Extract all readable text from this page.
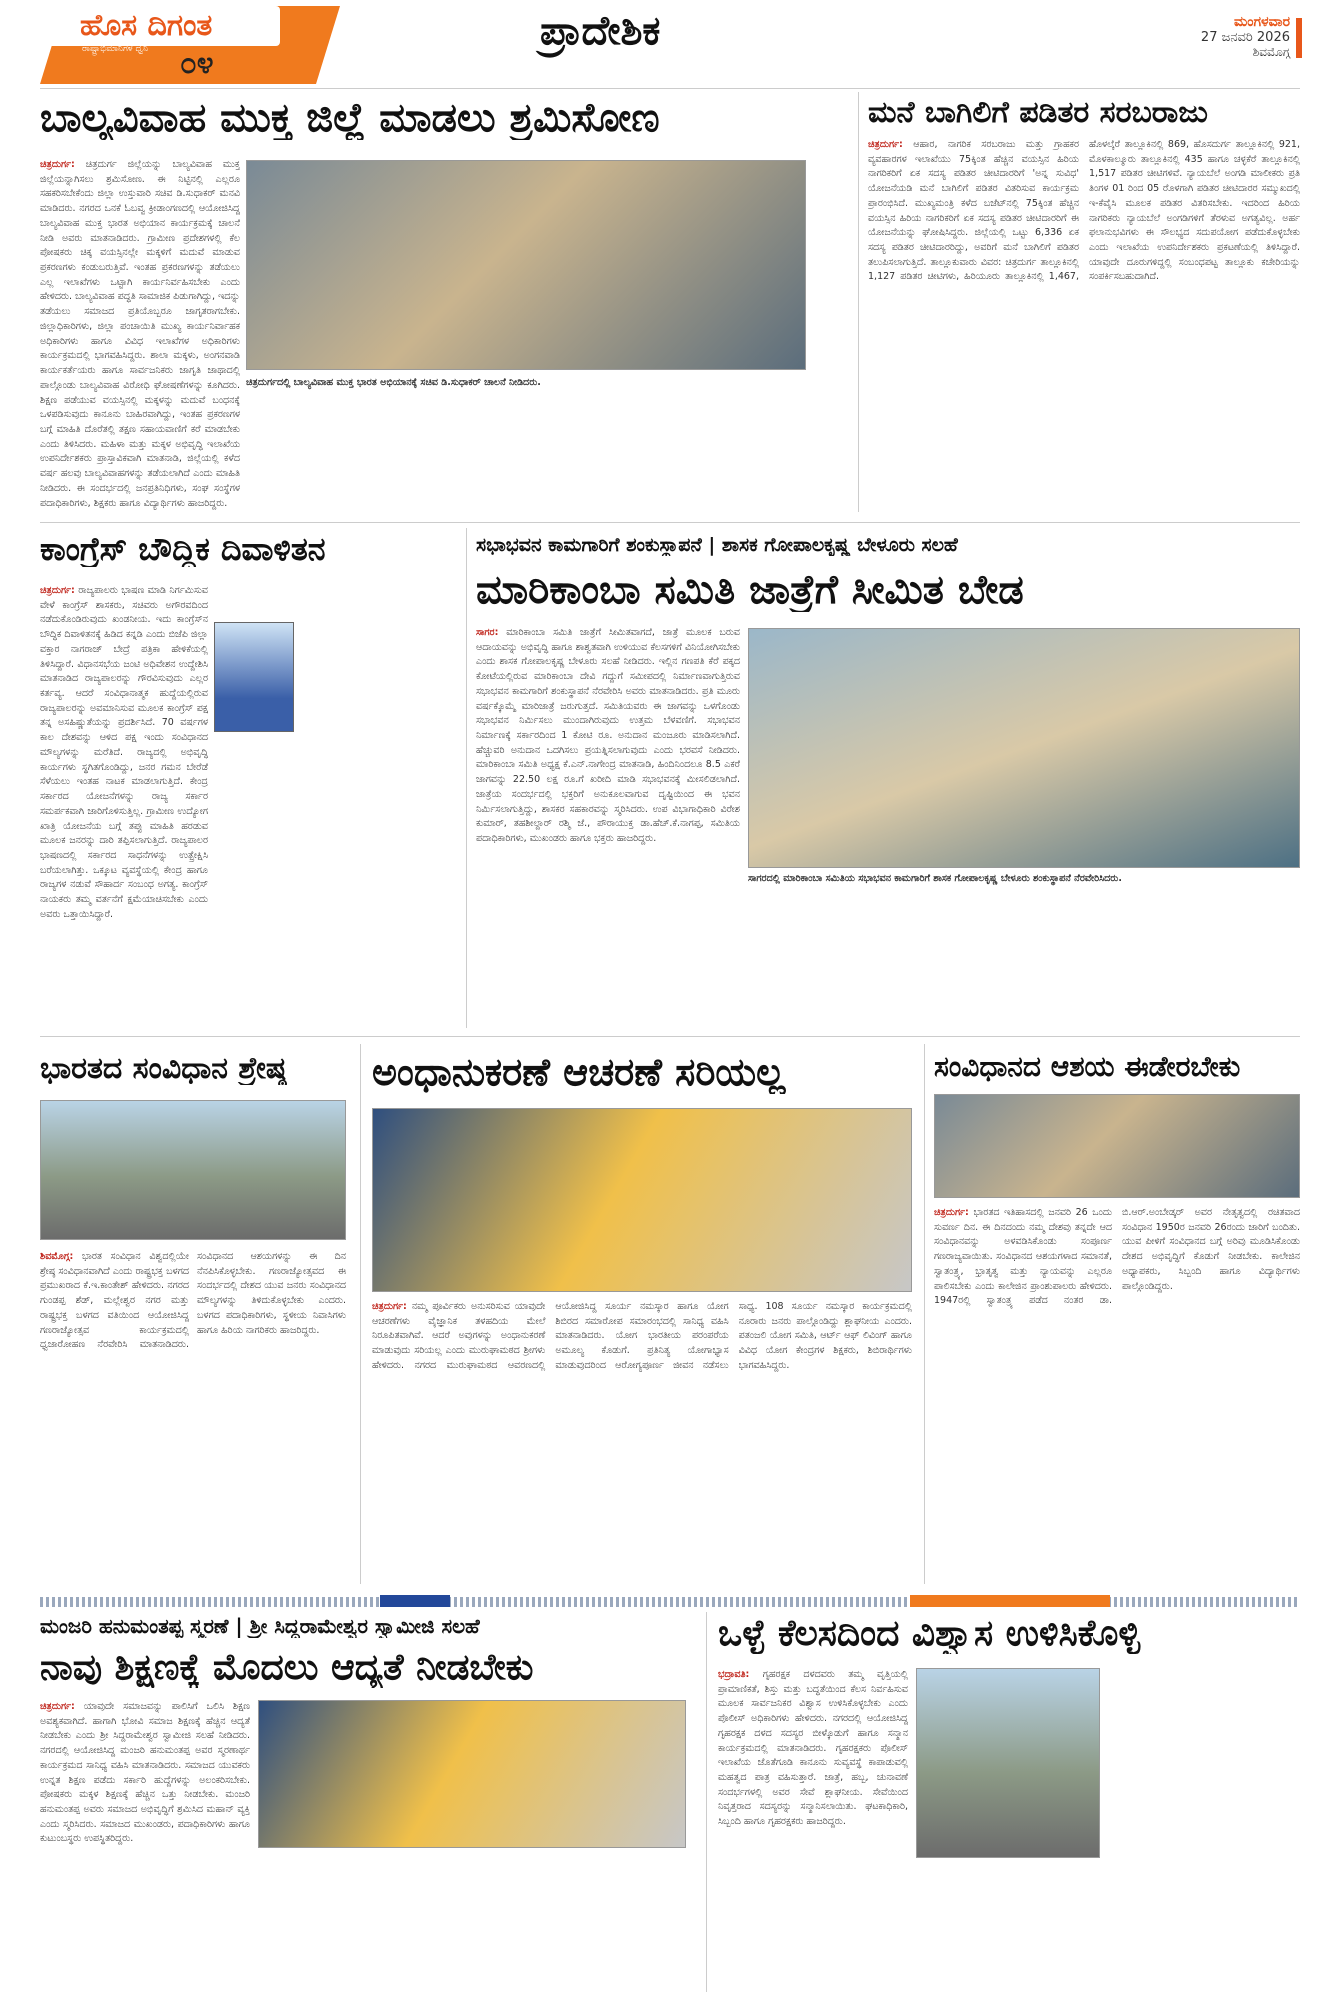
ಹೊಸ ದಿಗಂತ
ರಾಷ್ಟ್ರಾಭಿಮಾನಿಗಳ ಧ್ವನಿ ೦೪
ಪ್ರಾದೇಶಿಕ	ಮಂಗಳವಾರ
27 ಜನವರಿ 2026
ಶಿವಮೊಗ್ಗ
ಬಾಲ್ಯವಿವಾಹ ಮುಕ್ತ ಜಿಲ್ಲೆ ಮಾಡಲು ಶ್ರಮಿಸೋಣ
ಚಿತ್ರದುರ್ಗ: ಚಿತ್ರದುರ್ಗ ಜಿಲ್ಲೆಯನ್ನು ಬಾಲ್ಯವಿವಾಹ ಮುಕ್ತ ಜಿಲ್ಲೆಯನ್ನಾಗಿಸಲು ಶ್ರಮಿಸೋಣ. ಈ ನಿಟ್ಟಿನಲ್ಲಿ ಎಲ್ಲರೂ ಸಹಕರಿಸಬೇಕೆಂದು ಜಿಲ್ಲಾ ಉಸ್ತುವಾರಿ ಸಚಿವ ಡಿ.ಸುಧಾಕರ್ ಮನವಿ ಮಾಡಿದರು. ನಗರದ ಒನಕೆ ಓಬವ್ವ ಕ್ರೀಡಾಂಗಣದಲ್ಲಿ ಆಯೋಜಿಸಿದ್ದ ಬಾಲ್ಯವಿವಾಹ ಮುಕ್ತ ಭಾರತ ಅಭಿಯಾನ ಕಾರ್ಯಕ್ರಮಕ್ಕೆ ಚಾಲನೆ ನೀಡಿ ಅವರು ಮಾತನಾಡಿದರು. ಗ್ರಾಮೀಣ ಪ್ರದೇಶಗಳಲ್ಲಿ ಕೆಲ ಪೋಷಕರು ಚಿಕ್ಕ ವಯಸ್ಸಿನಲ್ಲೇ ಮಕ್ಕಳಿಗೆ ಮದುವೆ ಮಾಡುವ ಪ್ರಕರಣಗಳು ಕಂಡುಬರುತ್ತಿವೆ. ಇಂತಹ ಪ್ರಕರಣಗಳನ್ನು ತಡೆಯಲು ಎಲ್ಲ ಇಲಾಖೆಗಳು ಒಟ್ಟಾಗಿ ಕಾರ್ಯನಿರ್ವಹಿಸಬೇಕು ಎಂದು ಹೇಳಿದರು. ಬಾಲ್ಯವಿವಾಹ ಪದ್ಧತಿ ಸಾಮಾಜಿಕ ಪಿಡುಗಾಗಿದ್ದು, ಇದನ್ನು ತಡೆಯಲು ಸಮಾಜದ ಪ್ರತಿಯೊಬ್ಬರೂ ಜಾಗೃತರಾಗಬೇಕು. ಜಿಲ್ಲಾಧಿಕಾರಿಗಳು, ಜಿಲ್ಲಾ ಪಂಚಾಯಿತಿ ಮುಖ್ಯ ಕಾರ್ಯನಿರ್ವಾಹಕ ಅಧಿಕಾರಿಗಳು ಹಾಗೂ ವಿವಿಧ ಇಲಾಖೆಗಳ ಅಧಿಕಾರಿಗಳು ಕಾರ್ಯಕ್ರಮದಲ್ಲಿ ಭಾಗವಹಿಸಿದ್ದರು. ಶಾಲಾ ಮಕ್ಕಳು, ಅಂಗನವಾಡಿ ಕಾರ್ಯಕರ್ತೆಯರು ಹಾಗೂ ಸಾರ್ವಜನಿಕರು ಜಾಗೃತಿ ಜಾಥಾದಲ್ಲಿ ಪಾಲ್ಗೊಂಡು ಬಾಲ್ಯವಿವಾಹ ವಿರೋಧಿ ಘೋಷಣೆಗಳನ್ನು ಕೂಗಿದರು. ಶಿಕ್ಷಣ ಪಡೆಯುವ ವಯಸ್ಸಿನಲ್ಲಿ ಮಕ್ಕಳನ್ನು ಮದುವೆ ಬಂಧನಕ್ಕೆ ಒಳಪಡಿಸುವುದು ಕಾನೂನು ಬಾಹಿರವಾಗಿದ್ದು, ಇಂತಹ ಪ್ರಕರಣಗಳ ಬಗ್ಗೆ ಮಾಹಿತಿ ದೊರೆತಲ್ಲಿ ತಕ್ಷಣ ಸಹಾಯವಾಣಿಗೆ ಕರೆ ಮಾಡಬೇಕು ಎಂದು ತಿಳಿಸಿದರು. ಮಹಿಳಾ ಮತ್ತು ಮಕ್ಕಳ ಅಭಿವೃದ್ಧಿ ಇಲಾಖೆಯ ಉಪನಿರ್ದೇಶಕರು ಪ್ರಾಸ್ತಾವಿಕವಾಗಿ ಮಾತನಾಡಿ, ಜಿಲ್ಲೆಯಲ್ಲಿ ಕಳೆದ ವರ್ಷ ಹಲವು ಬಾಲ್ಯವಿವಾಹಗಳನ್ನು ತಡೆಯಲಾಗಿದೆ ಎಂದು ಮಾಹಿತಿ ನೀಡಿದರು. ಈ ಸಂದರ್ಭದಲ್ಲಿ ಜನಪ್ರತಿನಿಧಿಗಳು, ಸಂಘ ಸಂಸ್ಥೆಗಳ ಪದಾಧಿಕಾರಿಗಳು, ಶಿಕ್ಷಕರು ಹಾಗೂ ವಿದ್ಯಾರ್ಥಿಗಳು ಹಾಜರಿದ್ದರು.
ಚಿತ್ರದುರ್ಗದಲ್ಲಿ ಬಾಲ್ಯವಿವಾಹ ಮುಕ್ತ ಭಾರತ ಅಭಿಯಾನಕ್ಕೆ ಸಚಿವ ಡಿ.ಸುಧಾಕರ್ ಚಾಲನೆ ನೀಡಿದರು.
ಮನೆ ಬಾಗಿಲಿಗೆ ಪಡಿತರ ಸರಬರಾಜು
ಚಿತ್ರದುರ್ಗ: ಆಹಾರ, ನಾಗರಿಕ ಸರಬರಾಜು ಮತ್ತು ಗ್ರಾಹಕರ ವ್ಯವಹಾರಗಳ ಇಲಾಖೆಯು 75ಕ್ಕಿಂತ ಹೆಚ್ಚಿನ ವಯಸ್ಸಿನ ಹಿರಿಯ ನಾಗರಿಕರಿಗೆ ಏಕ ಸದಸ್ಯ ಪಡಿತರ ಚೀಟಿದಾರರಿಗೆ 'ಅನ್ನ ಸುವಿಧ' ಯೋಜನೆಯಡಿ ಮನೆ ಬಾಗಿಲಿಗೆ ಪಡಿತರ ವಿತರಿಸುವ ಕಾರ್ಯಕ್ರಮ ಪ್ರಾರಂಭಿಸಿದೆ. ಮುಖ್ಯಮಂತ್ರಿ ಕಳೆದ ಬಜೆಟ್‌ನಲ್ಲಿ 75ಕ್ಕಿಂತ ಹೆಚ್ಚಿನ ವಯಸ್ಸಿನ ಹಿರಿಯ ನಾಗರಿಕರಿಗೆ ಏಕ ಸದಸ್ಯ ಪಡಿತರ ಚೀಟಿದಾರರಿಗೆ ಈ ಯೋಜನೆಯನ್ನು ಘೋಷಿಸಿದ್ದರು. ಜಿಲ್ಲೆಯಲ್ಲಿ ಒಟ್ಟು 6,336 ಏಕ ಸದಸ್ಯ ಪಡಿತರ ಚೀಟಿದಾರರಿದ್ದು, ಅವರಿಗೆ ಮನೆ ಬಾಗಿಲಿಗೆ ಪಡಿತರ ತಲುಪಿಸಲಾಗುತ್ತಿದೆ. ತಾಲ್ಲೂಕುವಾರು ವಿವರ: ಚಿತ್ರದುರ್ಗ ತಾಲ್ಲೂಕಿನಲ್ಲಿ 1,127 ಪಡಿತರ ಚೀಟಿಗಳು, ಹಿರಿಯೂರು ತಾಲ್ಲೂಕಿನಲ್ಲಿ 1,467, ಹೊಳಲ್ಕೆರೆ ತಾಲ್ಲೂಕಿನಲ್ಲಿ 869, ಹೊಸದುರ್ಗ ತಾಲ್ಲೂಕಿನಲ್ಲಿ 921, ಮೊಳಕಾಲ್ಮೂರು ತಾಲ್ಲೂಕಿನಲ್ಲಿ 435 ಹಾಗೂ ಚಳ್ಳಕೆರೆ ತಾಲ್ಲೂಕಿನಲ್ಲಿ 1,517 ಪಡಿತರ ಚೀಟಿಗಳಿವೆ. ನ್ಯಾಯಬೆಲೆ ಅಂಗಡಿ ಮಾಲೀಕರು ಪ್ರತಿ ತಿಂಗಳ 01 ರಿಂದ 05 ರೊಳಗಾಗಿ ಪಡಿತರ ಚೀಟಿದಾರರ ಸಮ್ಮುಖದಲ್ಲಿ ಇ-ಕೆವೈಸಿ ಮೂಲಕ ಪಡಿತರ ವಿತರಿಸಬೇಕು. ಇದರಿಂದ ಹಿರಿಯ ನಾಗರಿಕರು ನ್ಯಾಯಬೆಲೆ ಅಂಗಡಿಗಳಿಗೆ ತೆರಳುವ ಅಗತ್ಯವಿಲ್ಲ. ಅರ್ಹ ಫಲಾನುಭವಿಗಳು ಈ ಸೌಲಭ್ಯದ ಸದುಪಯೋಗ ಪಡೆದುಕೊಳ್ಳಬೇಕು ಎಂದು ಇಲಾಖೆಯ ಉಪನಿರ್ದೇಶಕರು ಪ್ರಕಟಣೆಯಲ್ಲಿ ತಿಳಿಸಿದ್ದಾರೆ. ಯಾವುದೇ ದೂರುಗಳಿದ್ದಲ್ಲಿ ಸಂಬಂಧಪಟ್ಟ ತಾಲ್ಲೂಕು ಕಚೇರಿಯನ್ನು ಸಂಪರ್ಕಿಸಬಹುದಾಗಿದೆ.
ಕಾಂಗ್ರೆಸ್ ಬೌದ್ಧಿಕ ದಿವಾಳಿತನ
ಚಿತ್ರದುರ್ಗ: ರಾಜ್ಯಪಾಲರು ಭಾಷಣ ಮಾಡಿ ನಿರ್ಗಮಿಸುವ ವೇಳೆ ಕಾಂಗ್ರೆಸ್ ಶಾಸಕರು, ಸಚಿವರು ಅಗೌರವದಿಂದ ನಡೆದುಕೊಂಡಿರುವುದು ಖಂಡನೀಯ. ಇದು ಕಾಂಗ್ರೆಸ್‌ನ ಬೌದ್ಧಿಕ ದಿವಾಳಿತನಕ್ಕೆ ಹಿಡಿದ ಕನ್ನಡಿ ಎಂದು ಬಿಜೆಪಿ ಜಿಲ್ಲಾ ವಕ್ತಾರ ನಾಗರಾಜ್ ಬೇದ್ರೆ ಪತ್ರಿಕಾ ಹೇಳಿಕೆಯಲ್ಲಿ ತಿಳಿಸಿದ್ದಾರೆ. ವಿಧಾನಸಭೆಯ ಜಂಟಿ ಅಧಿವೇಶನ ಉದ್ದೇಶಿಸಿ ಮಾತನಾಡಿದ ರಾಜ್ಯಪಾಲರನ್ನು ಗೌರವಿಸುವುದು ಎಲ್ಲರ ಕರ್ತವ್ಯ. ಆದರೆ ಸಂವಿಧಾನಾತ್ಮಕ ಹುದ್ದೆಯಲ್ಲಿರುವ ರಾಜ್ಯಪಾಲರನ್ನು ಅವಮಾನಿಸುವ ಮೂಲಕ ಕಾಂಗ್ರೆಸ್ ಪಕ್ಷ ತನ್ನ ಅಸಹಿಷ್ಣುತೆಯನ್ನು ಪ್ರದರ್ಶಿಸಿದೆ. 70 ವರ್ಷಗಳ ಕಾಲ ದೇಶವನ್ನು ಆಳಿದ ಪಕ್ಷ ಇಂದು ಸಂವಿಧಾನದ ಮೌಲ್ಯಗಳನ್ನು ಮರೆತಿದೆ. ರಾಜ್ಯದಲ್ಲಿ ಅಭಿವೃದ್ಧಿ ಕಾರ್ಯಗಳು ಸ್ಥಗಿತಗೊಂಡಿದ್ದು, ಜನರ ಗಮನ ಬೇರೆಡೆ ಸೆಳೆಯಲು ಇಂತಹ ನಾಟಕ ಮಾಡಲಾಗುತ್ತಿದೆ. ಕೇಂದ್ರ ಸರ್ಕಾರದ ಯೋಜನೆಗಳನ್ನು ರಾಜ್ಯ ಸರ್ಕಾರ ಸಮರ್ಪಕವಾಗಿ ಜಾರಿಗೊಳಿಸುತ್ತಿಲ್ಲ. ಗ್ರಾಮೀಣ ಉದ್ಯೋಗ ಖಾತ್ರಿ ಯೋಜನೆಯ ಬಗ್ಗೆ ತಪ್ಪು ಮಾಹಿತಿ ಹರಡುವ ಮೂಲಕ ಜನರನ್ನು ದಾರಿ ತಪ್ಪಿಸಲಾಗುತ್ತಿದೆ. ರಾಜ್ಯಪಾಲರ ಭಾಷಣದಲ್ಲಿ ಸರ್ಕಾರದ ಸಾಧನೆಗಳನ್ನು ಉತ್ಪ್ರೇಕ್ಷಿಸಿ ಬರೆಯಲಾಗಿತ್ತು. ಒಕ್ಕೂಟ ವ್ಯವಸ್ಥೆಯಲ್ಲಿ ಕೇಂದ್ರ ಹಾಗೂ ರಾಜ್ಯಗಳ ನಡುವೆ ಸೌಹಾರ್ದ ಸಂಬಂಧ ಅಗತ್ಯ. ಕಾಂಗ್ರೆಸ್ ನಾಯಕರು ತಮ್ಮ ವರ್ತನೆಗೆ ಕ್ಷಮೆಯಾಚಿಸಬೇಕು ಎಂದು ಅವರು ಒತ್ತಾಯಿಸಿದ್ದಾರೆ.
ಸಭಾಭವನ ಕಾಮಗಾರಿಗೆ ಶಂಕುಸ್ಥಾಪನೆ | ಶಾಸಕ ಗೋಪಾಲಕೃಷ್ಣ ಬೇಳೂರು ಸಲಹೆ
ಮಾರಿಕಾಂಬಾ ಸಮಿತಿ ಜಾತ್ರೆಗೆ ಸೀಮಿತ ಬೇಡ
ಸಾಗರ: ಮಾರಿಕಾಂಬಾ ಸಮಿತಿ ಜಾತ್ರೆಗೆ ಸೀಮಿತವಾಗದೆ, ಜಾತ್ರೆ ಮೂಲಕ ಬರುವ ಆದಾಯವನ್ನು ಅಭಿವೃದ್ಧಿ ಹಾಗೂ ಶಾಶ್ವತವಾಗಿ ಉಳಿಯುವ ಕೆಲಸಗಳಿಗೆ ವಿನಿಯೋಗಿಸಬೇಕು ಎಂದು ಶಾಸಕ ಗೋಪಾಲಕೃಷ್ಣ ಬೇಳೂರು ಸಲಹೆ ನೀಡಿದರು. ಇಲ್ಲಿನ ಗಣಪತಿ ಕೆರೆ ಪಕ್ಕದ ಕೋಟೆಯಲ್ಲಿರುವ ಮಾರಿಕಾಂಬಾ ದೇವಿ ಗದ್ದುಗೆ ಸಮೀಪದಲ್ಲಿ ನಿರ್ಮಾಣವಾಗುತ್ತಿರುವ ಸಭಾಭವನ ಕಾಮಗಾರಿಗೆ ಶಂಕುಸ್ಥಾಪನೆ ನೆರವೇರಿಸಿ ಅವರು ಮಾತನಾಡಿದರು. ಪ್ರತಿ ಮೂರು ವರ್ಷಕ್ಕೊಮ್ಮೆ ಮಾರಿಜಾತ್ರೆ ಜರುಗುತ್ತದೆ. ಸಮಿತಿಯವರು ಈ ಜಾಗವನ್ನು ಒಳಗೊಂಡು ಸಭಾಭವನ ನಿರ್ಮಿಸಲು ಮುಂದಾಗಿರುವುದು ಉತ್ತಮ ಬೆಳವಣಿಗೆ. ಸಭಾಭವನ ನಿರ್ಮಾಣಕ್ಕೆ ಸರ್ಕಾರದಿಂದ 1 ಕೋಟಿ ರೂ. ಅನುದಾನ ಮಂಜೂರು ಮಾಡಿಸಲಾಗಿದೆ. ಹೆಚ್ಚುವರಿ ಅನುದಾನ ಒದಗಿಸಲು ಪ್ರಯತ್ನಿಸಲಾಗುವುದು ಎಂದು ಭರವಸೆ ನೀಡಿದರು. ಮಾರಿಕಾಂಬಾ ಸಮಿತಿ ಅಧ್ಯಕ್ಷ ಕೆ.ಎನ್.ನಾಗೇಂದ್ರ ಮಾತನಾಡಿ, ಹಿಂದಿನಿಂದಲೂ 8.5 ಎಕರೆ ಜಾಗವನ್ನು 22.50 ಲಕ್ಷ ರೂ.ಗೆ ಖರೀದಿ ಮಾಡಿ ಸಭಾಭವನಕ್ಕೆ ಮೀಸಲಿಡಲಾಗಿದೆ. ಜಾತ್ರೆಯ ಸಂದರ್ಭದಲ್ಲಿ ಭಕ್ತರಿಗೆ ಅನುಕೂಲವಾಗುವ ದೃಷ್ಟಿಯಿಂದ ಈ ಭವನ ನಿರ್ಮಿಸಲಾಗುತ್ತಿದ್ದು, ಶಾಸಕರ ಸಹಕಾರವನ್ನು ಸ್ಮರಿಸಿದರು. ಉಪ ವಿಭಾಗಾಧಿಕಾರಿ ವಿರೇಶ ಕುಮಾರ್, ತಹಶೀಲ್ದಾರ್ ರಶ್ಮಿ ಜೆ., ಪೌರಾಯುಕ್ತ ಡಾ.ಹೆಚ್.ಕೆ.ನಾಗಪ್ಪ, ಸಮಿತಿಯ ಪದಾಧಿಕಾರಿಗಳು, ಮುಖಂಡರು ಹಾಗೂ ಭಕ್ತರು ಹಾಜರಿದ್ದರು.
ಸಾಗರದಲ್ಲಿ ಮಾರಿಕಾಂಬಾ ಸಮಿತಿಯ ಸಭಾಭವನ ಕಾಮಗಾರಿಗೆ ಶಾಸಕ ಗೋಪಾಲಕೃಷ್ಣ ಬೇಳೂರು ಶಂಕುಸ್ಥಾಪನೆ ನೆರವೇರಿಸಿದರು.
ಭಾರತದ ಸಂವಿಧಾನ ಶ್ರೇಷ್ಠ
ಶಿವಮೊಗ್ಗ: ಭಾರತ ಸಂವಿಧಾನ ವಿಶ್ವದಲ್ಲಿಯೇ ಶ್ರೇಷ್ಠ ಸಂವಿಧಾನವಾಗಿದೆ ಎಂದು ರಾಷ್ಟ್ರಭಕ್ತ ಬಳಗದ ಪ್ರಮುಖರಾದ ಕೆ.ಇ.ಕಾಂತೇಶ್ ಹೇಳಿದರು. ನಗರದ ಗುಂಡಪ್ಪ ಶೆಡ್, ಮಲ್ಲೇಶ್ವರ ನಗರ ಮತ್ತು ರಾಷ್ಟ್ರಭಕ್ತ ಬಳಗದ ವತಿಯಿಂದ ಆಯೋಜಿಸಿದ್ದ ಗಣರಾಜ್ಯೋತ್ಸವ ಕಾರ್ಯಕ್ರಮದಲ್ಲಿ ಧ್ವಜಾರೋಹಣ ನೆರವೇರಿಸಿ ಮಾತನಾಡಿದರು. ಸಂವಿಧಾನದ ಆಶಯಗಳನ್ನು ಈ ದಿನ ನೆನಪಿಸಿಕೊಳ್ಳಬೇಕು. ಗಣರಾಜ್ಯೋತ್ಸವದ ಈ ಸಂದರ್ಭದಲ್ಲಿ ದೇಶದ ಯುವ ಜನರು ಸಂವಿಧಾನದ ಮೌಲ್ಯಗಳನ್ನು ತಿಳಿದುಕೊಳ್ಳಬೇಕು ಎಂದರು. ಬಳಗದ ಪದಾಧಿಕಾರಿಗಳು, ಸ್ಥಳೀಯ ನಿವಾಸಿಗಳು ಹಾಗೂ ಹಿರಿಯ ನಾಗರಿಕರು ಹಾಜರಿದ್ದರು.
ಅಂಧಾನುಕರಣೆ ಆಚರಣೆ ಸರಿಯಲ್ಲ
ಚಿತ್ರದುರ್ಗ: ನಮ್ಮ ಪೂರ್ವಿಕರು ಅನುಸರಿಸುವ ಯಾವುದೇ ಆಚರಣೆಗಳು ವೈಜ್ಞಾನಿಕ ತಳಹದಿಯ ಮೇಲೆ ನಿರೂಪಿತವಾಗಿವೆ. ಆದರೆ ಅವುಗಳನ್ನು ಅಂಧಾನುಕರಣೆ ಮಾಡುವುದು ಸರಿಯಲ್ಲ ಎಂದು ಮುರುಘಾಮಠದ ಶ್ರೀಗಳು ಹೇಳಿದರು. ನಗರದ ಮುರುಘಾಮಠದ ಆವರಣದಲ್ಲಿ ಆಯೋಜಿಸಿದ್ದ ಸೂರ್ಯ ನಮಸ್ಕಾರ ಹಾಗೂ ಯೋಗ ಶಿಬಿರದ ಸಮಾರೋಪ ಸಮಾರಂಭದಲ್ಲಿ ಸಾನಿಧ್ಯ ವಹಿಸಿ ಮಾತನಾಡಿದರು. ಯೋಗ ಭಾರತೀಯ ಪರಂಪರೆಯ ಅಮೂಲ್ಯ ಕೊಡುಗೆ. ಪ್ರತಿನಿತ್ಯ ಯೋಗಾಭ್ಯಾಸ ಮಾಡುವುದರಿಂದ ಆರೋಗ್ಯಪೂರ್ಣ ಜೀವನ ನಡೆಸಲು ಸಾಧ್ಯ. 108 ಸೂರ್ಯ ನಮಸ್ಕಾರ ಕಾರ್ಯಕ್ರಮದಲ್ಲಿ ನೂರಾರು ಜನರು ಪಾಲ್ಗೊಂಡಿದ್ದು ಶ್ಲಾಘನೀಯ ಎಂದರು. ಪತಂಜಲಿ ಯೋಗ ಸಮಿತಿ, ಆರ್ಟ್ ಆಫ್ ಲಿವಿಂಗ್ ಹಾಗೂ ವಿವಿಧ ಯೋಗ ಕೇಂದ್ರಗಳ ಶಿಕ್ಷಕರು, ಶಿಬಿರಾರ್ಥಿಗಳು ಭಾಗವಹಿಸಿದ್ದರು.
ಸಂವಿಧಾನದ ಆಶಯ ಈಡೇರಬೇಕು
ಚಿತ್ರದುರ್ಗ: ಭಾರತದ ಇತಿಹಾಸದಲ್ಲಿ ಜನವರಿ 26 ಒಂದು ಸುವರ್ಣ ದಿನ. ಈ ದಿನದಂದು ನಮ್ಮ ದೇಶವು ತನ್ನದೇ ಆದ ಸಂವಿಧಾನವನ್ನು ಅಳವಡಿಸಿಕೊಂಡು ಸಂಪೂರ್ಣ ಗಣರಾಜ್ಯವಾಯಿತು. ಸಂವಿಧಾನದ ಆಶಯಗಳಾದ ಸಮಾನತೆ, ಸ್ವಾತಂತ್ರ್ಯ, ಭ್ರಾತೃತ್ವ ಮತ್ತು ನ್ಯಾಯವನ್ನು ಎಲ್ಲರೂ ಪಾಲಿಸಬೇಕು ಎಂದು ಕಾಲೇಜಿನ ಪ್ರಾಂಶುಪಾಲರು ಹೇಳಿದರು. 1947ರಲ್ಲಿ ಸ್ವಾತಂತ್ರ್ಯ ಪಡೆದ ನಂತರ ಡಾ. ಬಿ.ಆರ್.ಅಂಬೇಡ್ಕರ್ ಅವರ ನೇತೃತ್ವದಲ್ಲಿ ರಚಿತವಾದ ಸಂವಿಧಾನ 1950ರ ಜನವರಿ 26ರಂದು ಜಾರಿಗೆ ಬಂದಿತು. ಯುವ ಪೀಳಿಗೆ ಸಂವಿಧಾನದ ಬಗ್ಗೆ ಅರಿವು ಮೂಡಿಸಿಕೊಂಡು ದೇಶದ ಅಭಿವೃದ್ಧಿಗೆ ಕೊಡುಗೆ ನೀಡಬೇಕು. ಕಾಲೇಜಿನ ಅಧ್ಯಾಪಕರು, ಸಿಬ್ಬಂದಿ ಹಾಗೂ ವಿದ್ಯಾರ್ಥಿಗಳು ಪಾಲ್ಗೊಂಡಿದ್ದರು.
ಮಂಜರಿ ಹನುಮಂತಪ್ಪ ಸ್ಮರಣೆ | ಶ್ರೀ ಸಿದ್ದರಾಮೇಶ್ವರ ಸ್ವಾಮೀಜಿ ಸಲಹೆ
ನಾವು ಶಿಕ್ಷಣಕ್ಕೆ ಮೊದಲು ಆದ್ಯತೆ ನೀಡಬೇಕು
ಚಿತ್ರದುರ್ಗ: ಯಾವುದೇ ಸಮಾಜವನ್ನು ಪಾಲಿಸಿಗೆ ಒಲಿಸಿ ಶಿಕ್ಷಣ ಅವಶ್ಯಕವಾಗಿದೆ. ಹಾಗಾಗಿ ಭೋವಿ ಸಮಾಜ ಶಿಕ್ಷಣಕ್ಕೆ ಹೆಚ್ಚಿನ ಆದ್ಯತೆ ನೀಡಬೇಕು ಎಂದು ಶ್ರೀ ಸಿದ್ದರಾಮೇಶ್ವರ ಸ್ವಾಮೀಜಿ ಸಲಹೆ ನೀಡಿದರು. ನಗರದಲ್ಲಿ ಆಯೋಜಿಸಿದ್ದ ಮಂಜರಿ ಹನುಮಂತಪ್ಪ ಅವರ ಸ್ಮರಣಾರ್ಥ ಕಾರ್ಯಕ್ರಮದ ಸಾನಿಧ್ಯ ವಹಿಸಿ ಮಾತನಾಡಿದರು. ಸಮಾಜದ ಯುವಕರು ಉನ್ನತ ಶಿಕ್ಷಣ ಪಡೆದು ಸರ್ಕಾರಿ ಹುದ್ದೆಗಳನ್ನು ಅಲಂಕರಿಸಬೇಕು. ಪೋಷಕರು ಮಕ್ಕಳ ಶಿಕ್ಷಣಕ್ಕೆ ಹೆಚ್ಚಿನ ಒತ್ತು ನೀಡಬೇಕು. ಮಂಜರಿ ಹನುಮಂತಪ್ಪ ಅವರು ಸಮಾಜದ ಅಭಿವೃದ್ಧಿಗೆ ಶ್ರಮಿಸಿದ ಮಹಾನ್ ವ್ಯಕ್ತಿ ಎಂದು ಸ್ಮರಿಸಿದರು. ಸಮಾಜದ ಮುಖಂಡರು, ಪದಾಧಿಕಾರಿಗಳು ಹಾಗೂ ಕುಟುಂಬಸ್ಥರು ಉಪಸ್ಥಿತರಿದ್ದರು.
ಒಳ್ಳೆ ಕೆಲಸದಿಂದ ವಿಶ್ವಾಸ ಉಳಿಸಿಕೊಳ್ಳಿ
ಭದ್ರಾವತಿ: ಗೃಹರಕ್ಷಕ ದಳದವರು ತಮ್ಮ ವೃತ್ತಿಯಲ್ಲಿ ಪ್ರಾಮಾಣಿಕತೆ, ಶಿಸ್ತು ಮತ್ತು ಬದ್ಧತೆಯಿಂದ ಕೆಲಸ ನಿರ್ವಹಿಸುವ ಮೂಲಕ ಸಾರ್ವಜನಿಕರ ವಿಶ್ವಾಸ ಉಳಿಸಿಕೊಳ್ಳಬೇಕು ಎಂದು ಪೊಲೀಸ್ ಅಧಿಕಾರಿಗಳು ಹೇಳಿದರು. ನಗರದಲ್ಲಿ ಆಯೋಜಿಸಿದ್ದ ಗೃಹರಕ್ಷಕ ದಳದ ಸದಸ್ಯರ ಬೀಳ್ಕೊಡುಗೆ ಹಾಗೂ ಸನ್ಮಾನ ಕಾರ್ಯಕ್ರಮದಲ್ಲಿ ಮಾತನಾಡಿದರು. ಗೃಹರಕ್ಷಕರು ಪೊಲೀಸ್ ಇಲಾಖೆಯ ಜೊತೆಗೂಡಿ ಕಾನೂನು ಸುವ್ಯವಸ್ಥೆ ಕಾಪಾಡುವಲ್ಲಿ ಮಹತ್ವದ ಪಾತ್ರ ವಹಿಸುತ್ತಾರೆ. ಜಾತ್ರೆ, ಹಬ್ಬ, ಚುನಾವಣೆ ಸಂದರ್ಭಗಳಲ್ಲಿ ಅವರ ಸೇವೆ ಶ್ಲಾಘನೀಯ. ಸೇವೆಯಿಂದ ನಿವೃತ್ತರಾದ ಸದಸ್ಯರನ್ನು ಸನ್ಮಾನಿಸಲಾಯಿತು. ಘಟಕಾಧಿಕಾರಿ, ಸಿಬ್ಬಂದಿ ಹಾಗೂ ಗೃಹರಕ್ಷಕರು ಹಾಜರಿದ್ದರು.
